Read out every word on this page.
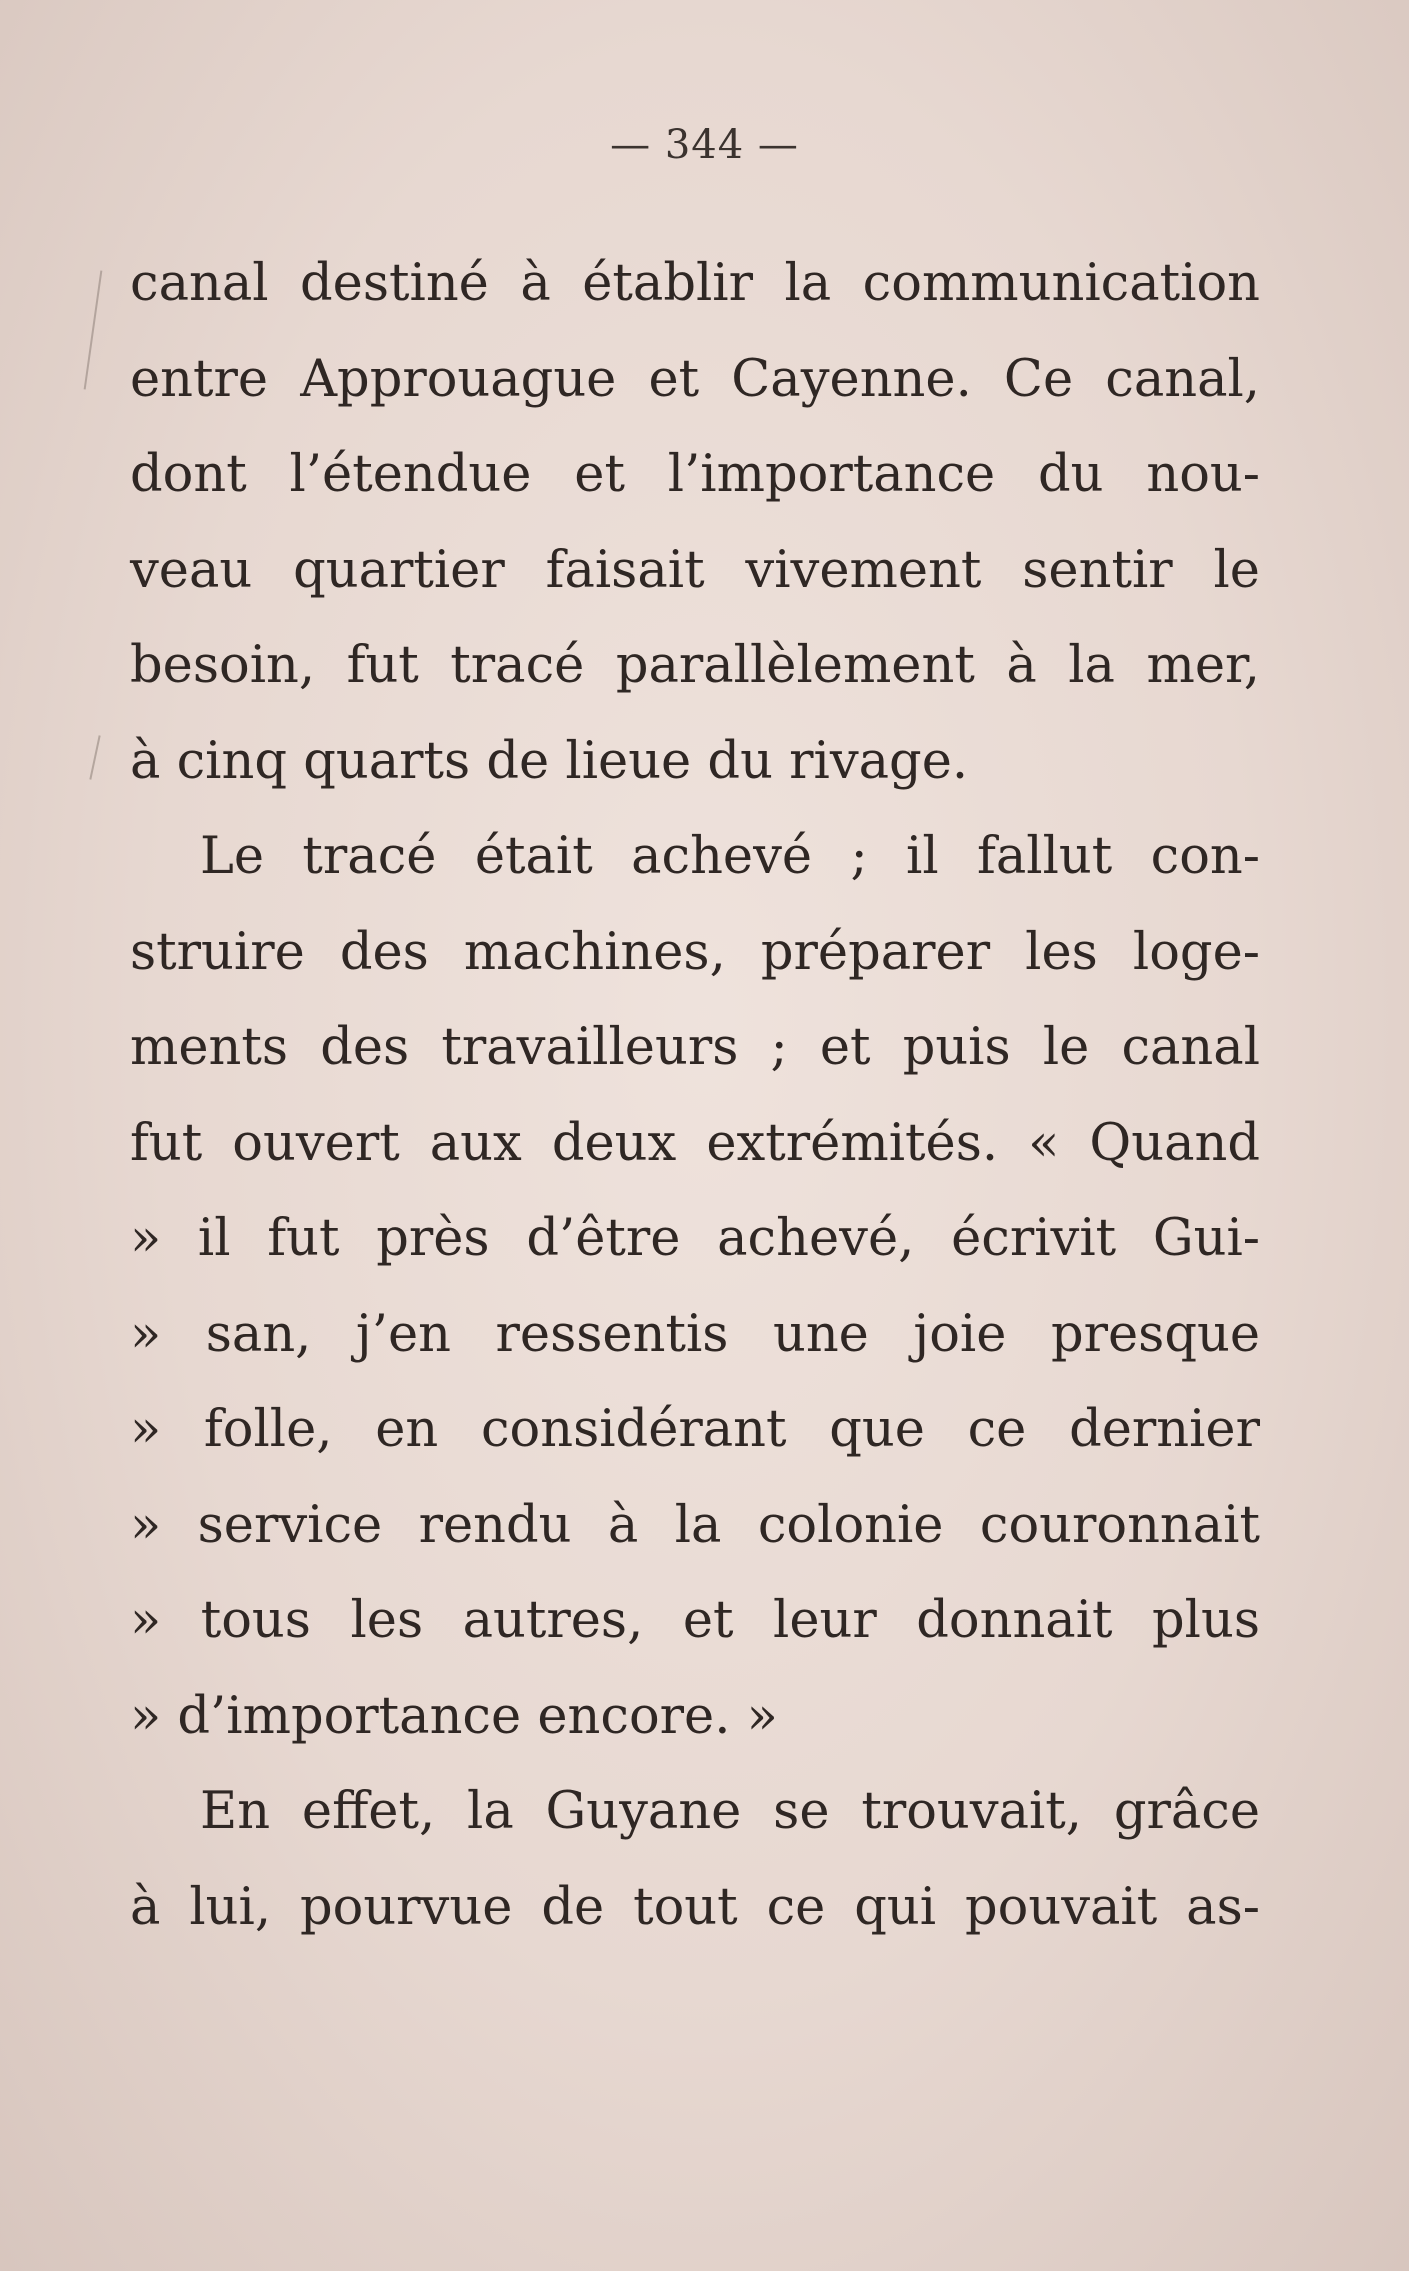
— 344 —
canal destiné à établir la communication
entre Approuague et Cayenne. Ce canal,
dont l’étendue et l’importance du nou-
veau quartier faisait vivement sentir le
besoin, fut tracé parallèlement à la mer,
à cinq quarts de lieue du rivage.
Le tracé était achevé ; il fallut con-
struire des machines, préparer les loge-
ments des travailleurs ; et puis le canal
fut ouvert aux deux extrémités. « Quand
» il fut près d’être achevé, écrivit Gui-
» san, j’en ressentis une joie presque
» folle, en considérant que ce dernier
» service rendu à la colonie couronnait
» tous les autres, et leur donnait plus
» d’importance encore. »
En effet, la Guyane se trouvait, grâce
à lui, pourvue de tout ce qui pouvait as-
